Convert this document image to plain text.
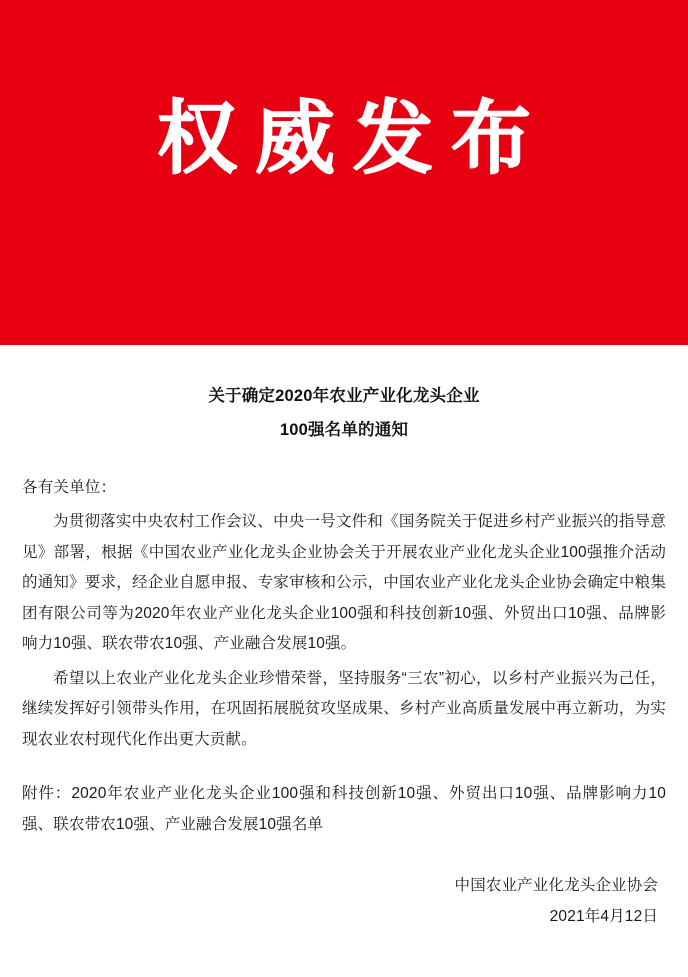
权威发布
关于确定2020年农业产业化龙头企业
100强名单的通知
各有关单位：

为贯彻落实中央农村工作会议、中央一号文件和《国务院关于促进乡村产业振兴的指导意见》部署，根据《中国农业产业化龙头企业协会关于开展农业产业化龙头企业100强推介活动的通知》要求，经企业自愿申报、专家审核和公示，中国农业产业化龙头企业协会确定中粮集团有限公司等为2020年农业产业化龙头企业100强和科技创新10强、外贸出口10强、品牌影响力10强、联农带农10强、产业融合发展10强。

希望以上农业产业化龙头企业珍惜荣誉，坚持服务“三农”初心，以乡村产业振兴为己任，继续发挥好引领带头作用，在巩固拓展脱贫攻坚成果、乡村产业高质量发展中再立新功，为实现农业农村现代化作出更大贡献。

附件：2020年农业产业化龙头企业100强和科技创新10强、外贸出口10强、品牌影响力10强、联农带农10强、产业融合发展10强名单
中国农业产业化龙头企业协会
2021年4月12日
